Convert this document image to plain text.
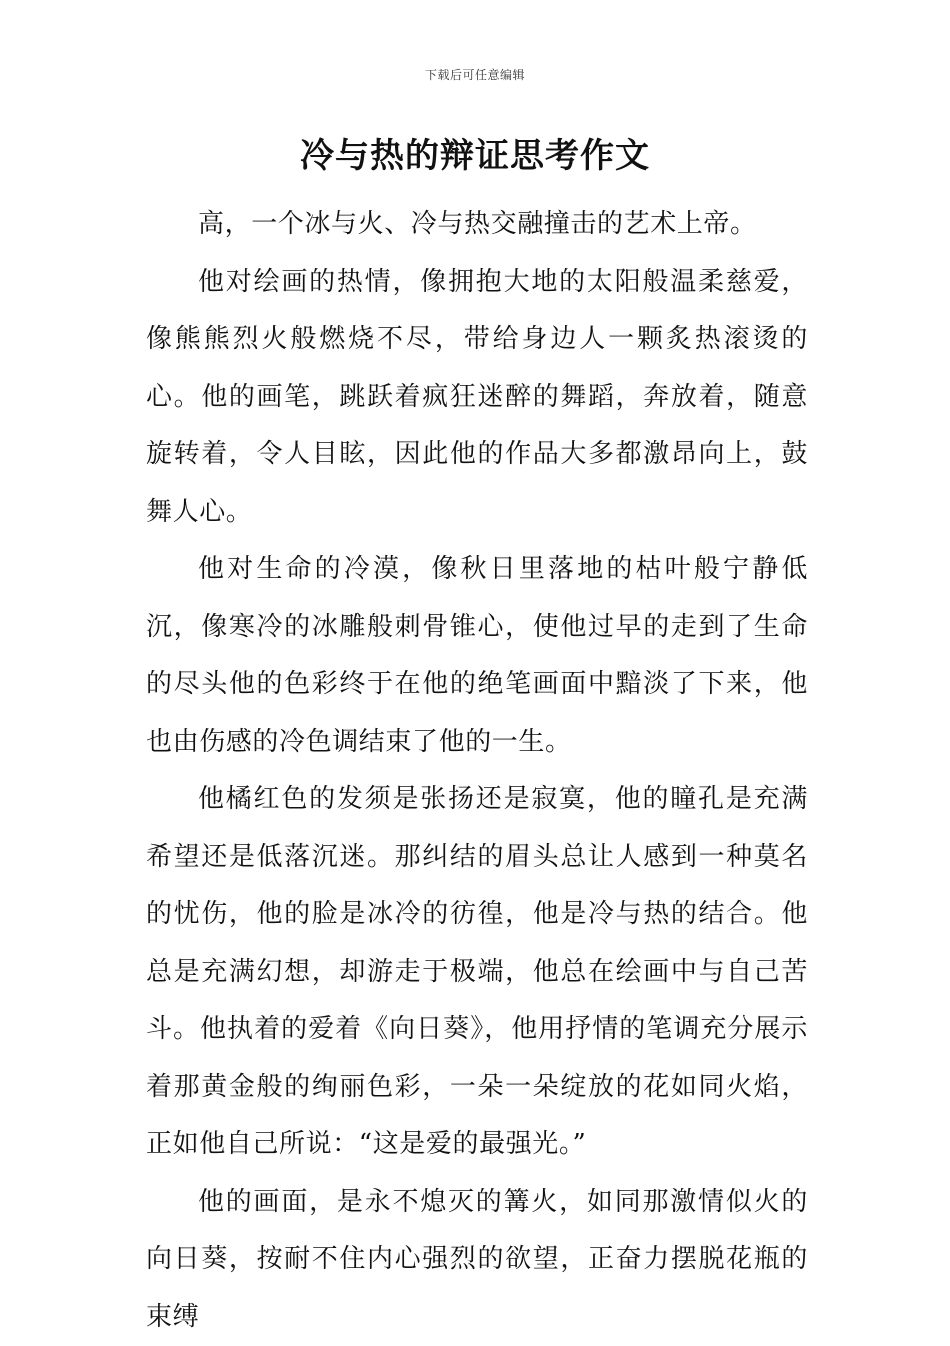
下载后可任意编辑
冷与热的辩证思考作文

高，一个冰与火、冷与热交融撞击的艺术上帝。

他对绘画的热情，像拥抱大地的太阳般温柔慈爱，像熊熊烈火般燃烧不尽，带给身边人一颗炙热滚烫的心。他的画笔，跳跃着疯狂迷醉的舞蹈，奔放着，随意旋转着，令人目眩，因此他的作品大多都激昂向上，鼓舞人心。

他对生命的冷漠，像秋日里落地的枯叶般宁静低沉，像寒冷的冰雕般刺骨锥心，使他过早的走到了生命的尽头他的色彩终于在他的绝笔画面中黯淡了下来，他也由伤感的冷色调结束了他的一生。

他橘红色的发须是张扬还是寂寞，他的瞳孔是充满希望还是低落沉迷。那纠结的眉头总让人感到一种莫名的忧伤，他的脸是冰冷的彷徨，他是冷与热的结合。他总是充满幻想，却游走于极端，他总在绘画中与自己苦斗。他执着的爱着《向日葵》，他用抒情的笔调充分展示着那黄金般的绚丽色彩，一朵一朵绽放的花如同火焰，正如他自己所说：“这是爱的最强光。”

他的画面，是永不熄灭的篝火，如同那激情似火的向日葵，按耐不住内心强烈的欲望，正奋力摆脱花瓶的束缚
